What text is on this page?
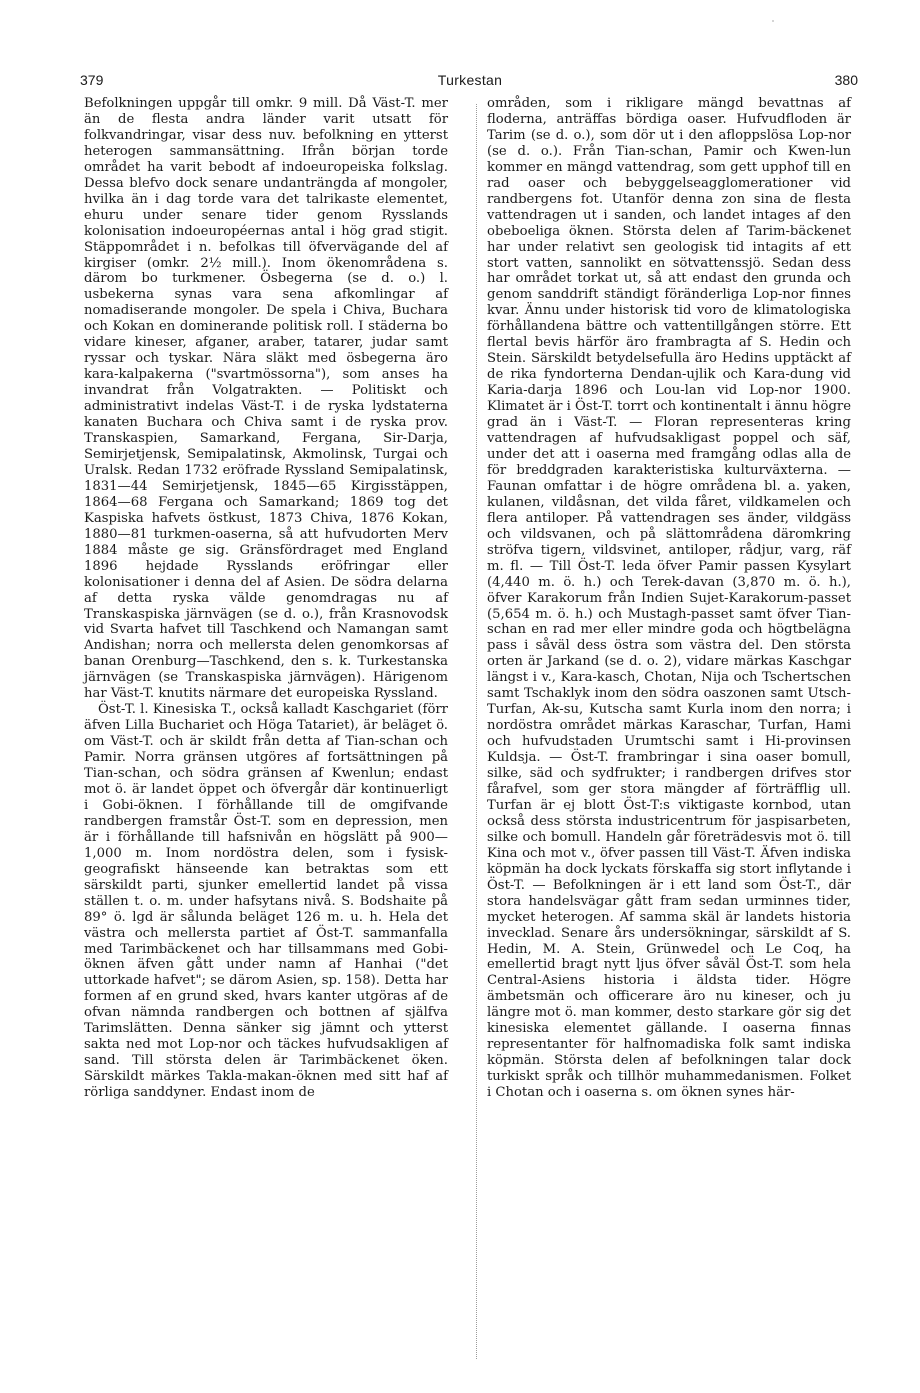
379	Turkestan	380

Befolkningen uppgår till omkr. 9 mill. Då Väst-T. mer än de flesta andra länder varit utsatt för folkvandringar, visar dess nuv. befolkning en ytterst heterogen sammansättning. Ifrån början torde området ha varit bebodt af indoeuropeiska folkslag. Dessa blefvo dock senare undanträngda af mongoler, hvilka än i dag torde vara det talrikaste elementet, ehuru under senare tider genom Rysslands kolonisation indoeuropéernas antal i hög grad stigit. Stäppområdet i n. befolkas till öfvervägande del af kirgiser (omkr. 2½ mill.). Inom ökenområdena s. därom bo turkmener. Ösbegerna (se d. o.) l. usbekerna synas vara sena afkomlingar af nomadiserande mongoler. De spela i Chiva, Buchara och Kokan en dominerande politisk roll. I städerna bo vidare kineser, afganer, araber, tatarer, judar samt ryssar och tyskar. Nära släkt med ösbegerna äro kara-kalpakerna ("svartmössorna"), som anses ha invandrat från Volgatrakten. — Politiskt och administrativt indelas Väst-T. i de ryska lydstaterna kanaten Buchara och Chiva samt i de ryska prov. Transkaspien, Samarkand, Fergana, Sir-Darja, Semirjetjensk, Semipalatinsk, Akmolinsk, Turgai och Uralsk. Redan 1732 eröfrade Ryssland Semipalatinsk, 1831—44 Semirjetjensk, 1845—65 Kirgisstäppen, 1864—68 Fergana och Samarkand; 1869 tog det Kaspiska hafvets östkust, 1873 Chiva, 1876 Kokan, 1880—81 turkmen-oaserna, så att hufvudorten Merv 1884 måste ge sig. Gränsfördraget med England 1896 hejdade Rysslands eröfringar eller kolonisationer i denna del af Asien. De södra delarna af detta ryska välde genomdragas nu af Transkaspiska järnvägen (se d. o.), från Krasnovodsk vid Svarta hafvet till Taschkend och Namangan samt Andishan; norra och mellersta delen genomkorsas af banan Orenburg—Taschkend, den s. k. Turkestanska järnvägen (se Transkaspiska järnvägen). Härigenom har Väst-T. knutits närmare det europeiska Ryssland.

Öst-T. l. Kinesiska T., också kalladt Kaschgariet (förr äfven Lilla Buchariet och Höga Tatariet), är beläget ö. om Väst-T. och är skildt från detta af Tian-schan och Pamir. Norra gränsen utgöres af fortsättningen på Tian-schan, och södra gränsen af Kwenlun; endast mot ö. är landet öppet och öfvergår där kontinuerligt i Gobi-öknen. I förhållande till de omgifvande randbergen framstår Öst-T. som en depression, men är i förhållande till hafsnivån en högslätt på 900—1,000 m. Inom nordöstra delen, som i fysisk-geografiskt hänseende kan betraktas som ett särskildt parti, sjunker emellertid landet på vissa ställen t. o. m. under hafsytans nivå. S. Bodshaite på 89° ö. lgd är sålunda beläget 126 m. u. h. Hela det västra och mellersta partiet af Öst-T. sammanfalla med Tarimbäckenet och har tillsammans med Gobi-öknen äfven gått under namn af Hanhai ("det uttorkade hafvet"; se därom Asien, sp. 158). Detta har formen af en grund sked, hvars kanter utgöras af de ofvan nämnda randbergen och bottnen af själfva Tarimslätten. Denna sänker sig jämnt och ytterst sakta ned mot Lop-nor och täckes hufvudsakligen af sand. Till största delen är Tarimbäckenet öken. Särskildt märkes Takla-makan-öknen med sitt haf af rörliga sanddyner. Endast inom de

områden, som i rikligare mängd bevattnas af floderna, anträffas bördiga oaser. Hufvudfloden är Tarim (se d. o.), som dör ut i den afloppslösa Lop-nor (se d. o.). Från Tian-schan, Pamir och Kwen-lun kommer en mängd vattendrag, som gett upphof till en rad oaser och bebyggelseagglomerationer vid randbergens fot. Utanför denna zon sina de flesta vattendragen ut i sanden, och landet intages af den obeboeliga öknen. Största delen af Tarim-bäckenet har under relativt sen geologisk tid intagits af ett stort vatten, sannolikt en sötvattenssjö. Sedan dess har området torkat ut, så att endast den grunda och genom sanddrift ständigt föränderliga Lop-nor finnes kvar. Ännu under historisk tid voro de klimatologiska förhållandena bättre och vattentillgången större. Ett flertal bevis härför äro frambragta af S. Hedin och Stein. Särskildt betydelsefulla äro Hedins upptäckt af de rika fyndorterna Dendan-ujlik och Kara-dung vid Karia-darja 1896 och Lou-lan vid Lop-nor 1900. Klimatet är i Öst-T. torrt och kontinentalt i ännu högre grad än i Väst-T. — Floran representeras kring vattendragen af hufvudsakligast poppel och säf, under det att i oaserna med framgång odlas alla de för breddgraden karakteristiska kulturväxterna. — Faunan omfattar i de högre områdena bl. a. yaken, kulanen, vildåsnan, det vilda fåret, vildkamelen och flera antiloper. På vattendragen ses änder, vildgäss och vildsvanen, och på slättområdena däromkring ströfva tigern, vildsvinet, antiloper, rådjur, varg, räf m. fl. — Till Öst-T. leda öfver Pamir passen Kysylart (4,440 m. ö. h.) och Terek-davan (3,870 m. ö. h.), öfver Karakorum från Indien Sujet-Karakorum-passet (5,654 m. ö. h.) och Mustagh-passet samt öfver Tian-schan en rad mer eller mindre goda och högtbelägna pass i såväl dess östra som västra del. Den största orten är Jarkand (se d. o. 2), vidare märkas Kaschgar längst i v., Kara-kasch, Chotan, Nija och Tschertschen samt Tschaklyk inom den södra oaszonen samt Utsch-Turfan, Ak-su, Kutscha samt Kurla inom den norra; i nordöstra området märkas Karaschar, Turfan, Hami och hufvudstaden Urumtschi samt i Hi-provinsen Kuldsja. — Öst-T. frambringar i sina oaser bomull, silke, säd och sydfrukter; i randbergen drifves stor fårafvel, som ger stora mängder af förträfflig ull. Turfan är ej blott Öst-T:s viktigaste kornbod, utan också dess största industricentrum för jaspisarbeten, silke och bomull. Handeln går företrädesvis mot ö. till Kina och mot v., öfver passen till Väst-T. Äfven indiska köpmän ha dock lyckats förskaffa sig stort inflytande i Öst-T. — Befolkningen är i ett land som Öst-T., där stora handelsvägar gått fram sedan urminnes tider, mycket heterogen. Af samma skäl är landets historia invecklad. Senare års undersökningar, särskildt af S. Hedin, M. A. Stein, Grünwedel och Le Coq, ha emellertid bragt nytt ljus öfver såväl Öst-T. som hela Central-Asiens historia i äldsta tider. Högre ämbetsmän och officerare äro nu kineser, och ju längre mot ö. man kommer, desto starkare gör sig det kinesiska elementet gällande. I oaserna finnas representanter för halfnomadiska folk samt indiska köpmän. Största delen af befolkningen talar dock turkiskt språk och tillhör muhammedanismen. Folket i Chotan och i oaserna s. om öknen synes här-
